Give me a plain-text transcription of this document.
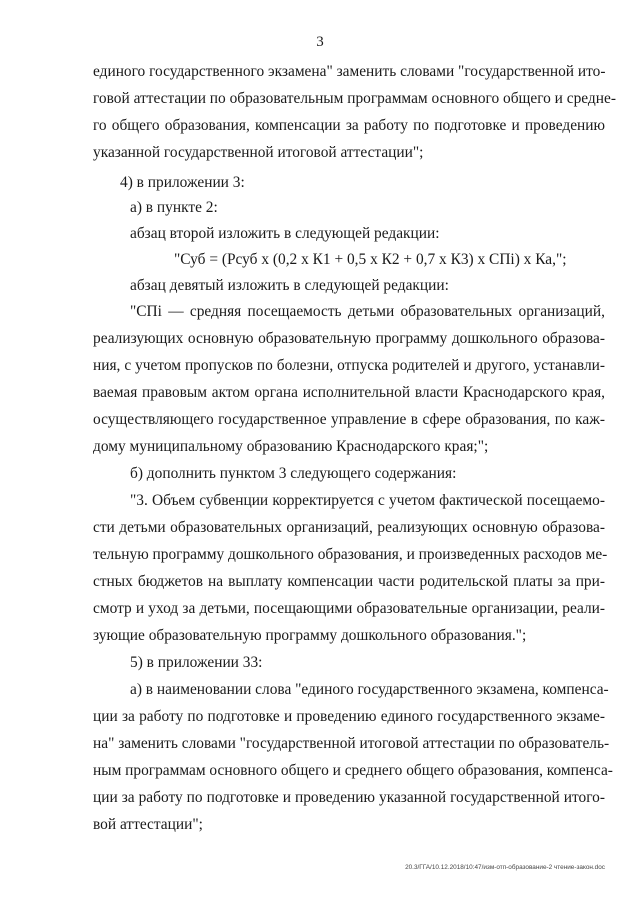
3

единого государственного экзамена" заменить словами "государственной ито-

говой аттестации по образовательным программам основного общего и средне-

го общего образования, компенсации за работу по подготовке и проведению

указанной государственной итоговой аттестации";

4) в приложении 3:

а) в пункте 2:

абзац второй изложить в следующей редакции:

"Суб = (Рсуб х (0,2 х К1 + 0,5 х К2 + 0,7 х К3) х СПi) х Ка,";

абзац девятый изложить в следующей редакции:

"СПi — средняя посещаемость детьми образовательных организаций,

реализующих основную образовательную программу дошкольного образова-

ния, с учетом пропусков по болезни, отпуска родителей и другого, устанавли-

ваемая правовым актом органа исполнительной власти Краснодарского края,

осуществляющего государственное управление в сфере образования, по каж-

дому муниципальному образованию Краснодарского края;";

б) дополнить пунктом 3 следующего содержания:

"3. Объем субвенции корректируется с учетом фактической посещаемо-

сти детьми образовательных организаций, реализующих основную образова-

тельную программу дошкольного образования, и произведенных расходов ме-

стных бюджетов на выплату компенсации части родительской платы за при-

смотр и уход за детьми, посещающими образовательные организации, реали-

зующие образовательную программу дошкольного образования.";

5) в приложении 33:

а) в наименовании слова "единого государственного экзамена, компенса-

ции за работу по подготовке и проведению единого государственного экзаме-

на" заменить словами "государственной итоговой аттестации по образователь-

ным программам основного общего и среднего общего образования, компенса-

ции за работу по подготовке и проведению указанной государственной итого-

вой аттестации";

20.3/ГГА/10.12.2018/10:47/изм-отп-образование-2 чтение-закон.doc
